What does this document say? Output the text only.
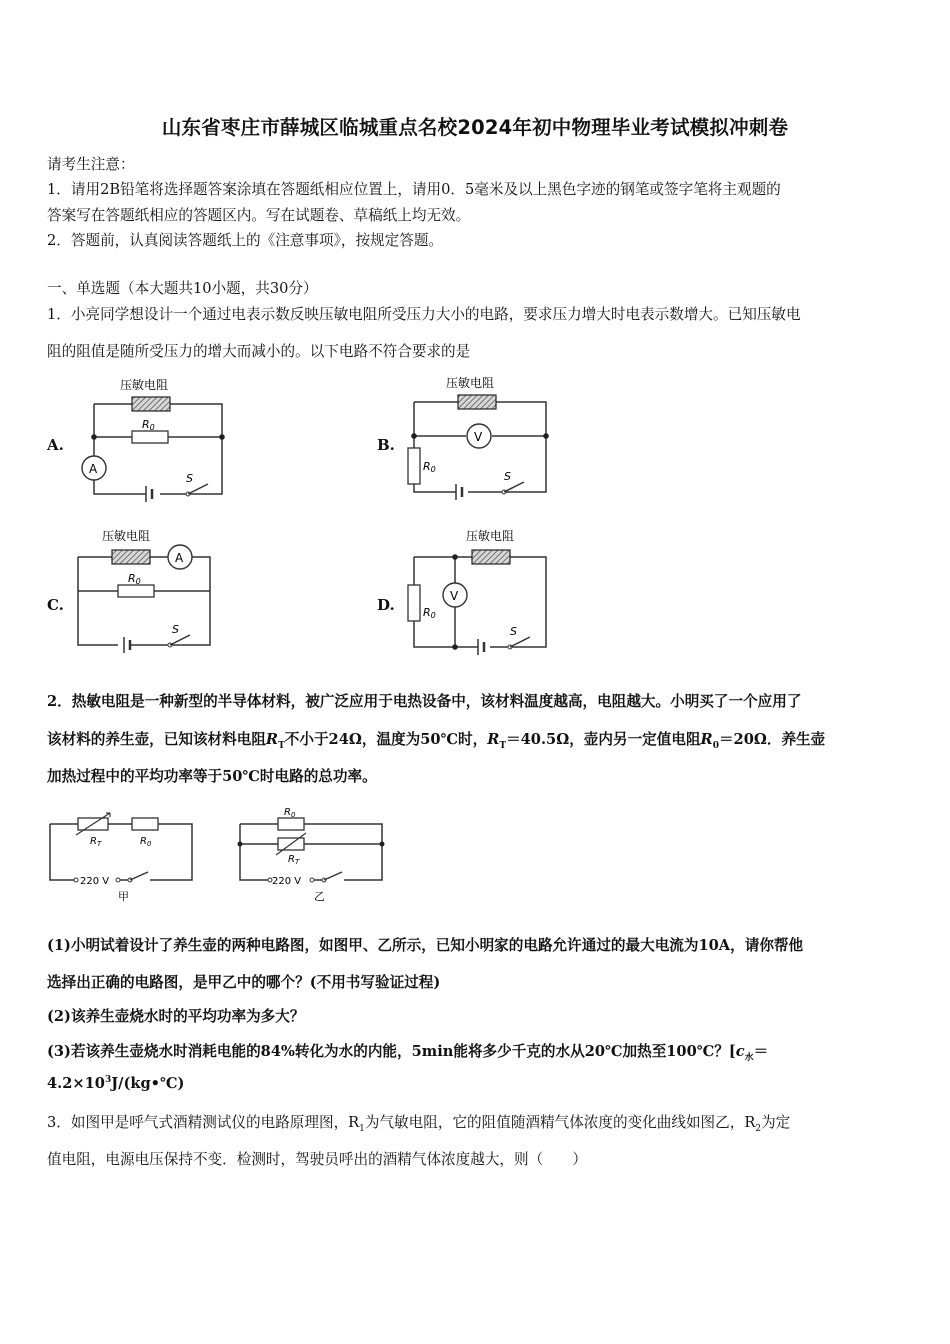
山东省枣庄市薛城区临城重点名校2024年初中物理毕业考试模拟冲刺卷
请考生注意：
1．请用2B铅笔将选择题答案涂填在答题纸相应位置上，请用0．5毫米及以上黑色字迹的钢笔或签字笔将主观题的
答案写在答题纸相应的答题区内。写在试题卷、草稿纸上均无效。
2．答题前，认真阅读答题纸上的《注意事项》，按规定答题。
一、单选题（本大题共10小题，共30分）
1．小亮同学想设计一个通过电表示数反映压敏电阻所受压力大小的电路，要求压力增大时电表示数增大。已知压敏电
阻的阻值是随所受压力的增大而减小的。以下电路不符合要求的是
A.
压敏电阻
R0
A
S
B.
压敏电阻
V
R0
S
C.
压敏电阻
A
R0
S
D.
压敏电阻
V
R0
S
2．热敏电阻是一种新型的半导体材料，被广泛应用于电热设备中，该材料温度越高，电阻越大。小明买了一个应用了
该材料的养生壶，已知该材料电阻$R_T$不小于24Ω，温度为50℃时，$R_T=40.5\Omega$，壶内另一定值电阻$R_0=20\Omega$．养生壶
加热过程中的平均功率等于50℃时电路的总功率。
$R_T$	$R_0$
220 V
甲
$R_0$
$R_T$
220 V
乙
(1)小明试着设计了养生壶的两种电路图，如图甲、乙所示，已知小明家的电路允许通过的最大电流为10A，请你帮他
选择出正确的电路图，是甲乙中的哪个？(不用书写验证过程)
(2)该养生壶烧水时的平均功率为多大？
(3)若该养生壶烧水时消耗电能的84%转化为水的内能，5min能将多少千克的水从20℃加热至100℃？[$c_水=$
$4.2\times 10^3J/(kg•℃)$
3．如图甲是呼气式酒精测试仪的电路原理图，$R_1$为气敏电阻，它的阻值随酒精气体浓度的变化曲线如图乙，$R_2$为定
值电阻，电源电压保持不变．检测时，驾驶员呼出的酒精气体浓度越大，则（　　）
